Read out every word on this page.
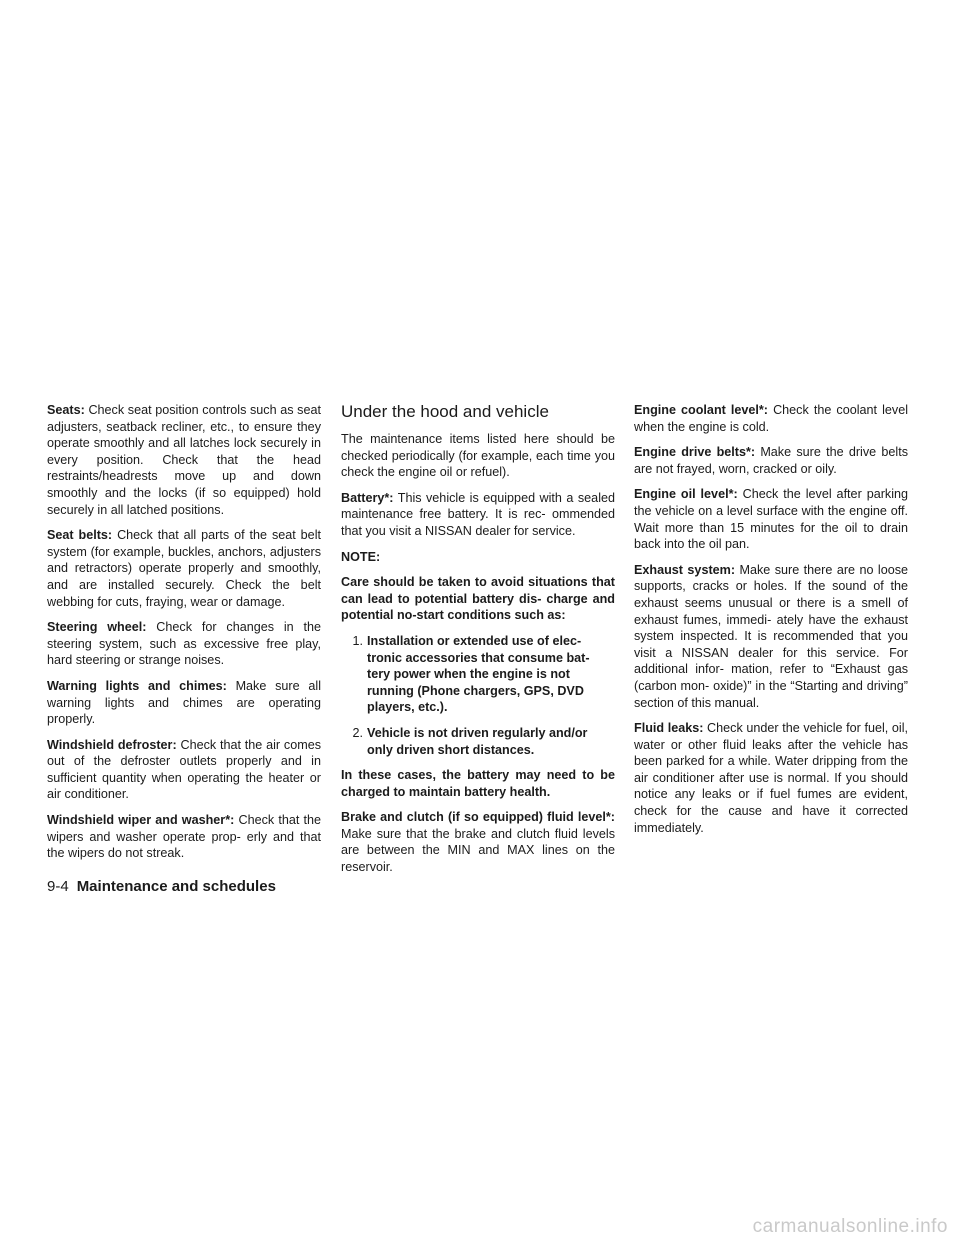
Seats: Check seat position controls such as seat adjusters, seatback recliner, etc., to ensure they operate smoothly and all latches lock securely in every position. Check that the head restraints/headrests move up and down smoothly and the locks (if so equipped) hold securely in all latched positions.

Seat belts: Check that all parts of the seat belt system (for example, buckles, anchors, adjusters and retractors) operate properly and smoothly, and are installed securely. Check the belt webbing for cuts, fraying, wear or damage.

Steering wheel: Check for changes in the steering system, such as excessive free play, hard steering or strange noises.

Warning lights and chimes: Make sure all warning lights and chimes are operating properly.

Windshield defroster: Check that the air comes out of the defroster outlets properly and in sufficient quantity when operating the heater or air conditioner.

Windshield wiper and washer*: Check that the wipers and washer operate prop- erly and that the wipers do not streak.

Under the hood and vehicle

The maintenance items listed here should be checked periodically (for example, each time you check the engine oil or refuel).

Battery*: This vehicle is equipped with a sealed maintenance free battery. It is rec- ommended that you visit a NISSAN dealer for service.

NOTE:

Care should be taken to avoid situations that can lead to potential battery dis- charge and potential no-start conditions such as:

1. Installation or extended use of elec- tronic accessories that consume bat- tery power when the engine is not running (Phone chargers, GPS, DVD players, etc.).
2. Vehicle is not driven regularly and/or only driven short distances.

In these cases, the battery may need to be charged to maintain battery health.

Brake and clutch (if so equipped) fluid level*: Make sure that the brake and clutch fluid levels are between the MIN and MAX lines on the reservoir.

Engine coolant level*: Check the coolant level when the engine is cold.

Engine drive belts*: Make sure the drive belts are not frayed, worn, cracked or oily.

Engine oil level*: Check the level after parking the vehicle on a level surface with the engine off. Wait more than 15 minutes for the oil to drain back into the oil pan.

Exhaust system: Make sure there are no loose supports, cracks or holes. If the sound of the exhaust seems unusual or there is a smell of exhaust fumes, immedi- ately have the exhaust system inspected. It is recommended that you visit a NISSAN dealer for this service. For additional infor- mation, refer to “Exhaust gas (carbon mon- oxide)” in the “Starting and driving” section of this manual.

Fluid leaks: Check under the vehicle for fuel, oil, water or other fluid leaks after the vehicle has been parked for a while. Water dripping from the air conditioner after use is normal. If you should notice any leaks or if fuel fumes are evident, check for the cause and have it corrected immediately.

9-4 Maintenance and schedules
carmanualsonline.info
